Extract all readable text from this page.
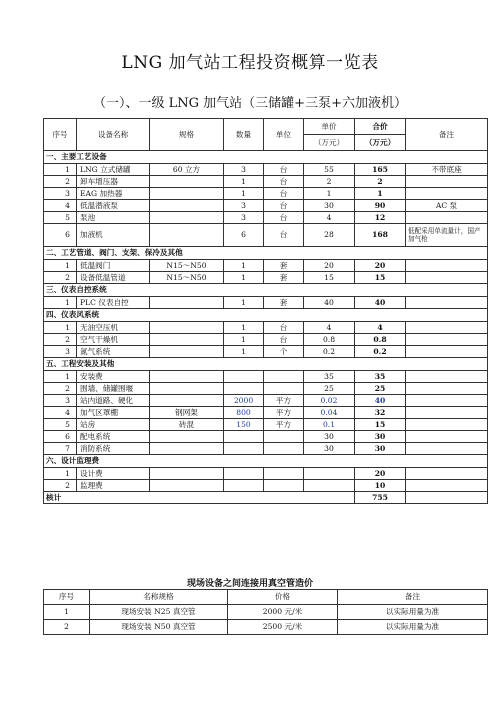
LNG 加气站工程投资概算一览表
（一）、一级 LNG 加气站（三储罐+三泵+六加液机）
序号	设备名称	规格	数量	单位	单价	合价	备注
					（万元）	（万元）	
一、主要工艺设备							
1	LNG 立式储罐	60 立方	3	台	55	165	不带底座
2	卸车增压器		1	台	2	2	
3	EAG 加热器		1	台	1	1	
4	低温潜液泵		3	台	30	90	AC 泵
5	泵池		3	台	4	12	
6	加液机		6	台	28	168	低配采用单流量计，国产加气枪
二、工艺管道、阀门、支架、保冷及其他							
1	低温阀门	N15～N50	1	套	20	20	
2	设备低温管道	N15～N50	1	套	15	15	
三、仪表自控系统							
1	PLC 仪表自控		1	套	40	40	
四、仪表风系统							
1	无油空压机		1	台	4	4	
2	空气干燥机		1	台	0.8	0.8	
3	氮气系统		1	个	0.2	0.2	
五、工程安装及其他							
1	安装费				35	35	
2	围墙、储罐围堰				25	25	
3	站内道路、硬化		2000	平方	0.02	40	
4	加气区罩棚	钢网架	800	平方	0.04	32	
5	站房	砖混	150	平方	0.1	15	
6	配电系统				30	30	
7	消防系统				30	30	
六、设计监理费							
1	设计费					20	
2	监理费					10	
核计						755	
现场设备之间连接用真空管造价
序号	名称规格	价格	备注
1	现场安装 N25 真空管	2000 元/米	以实际用量为准
2	现场安装 N50 真空管	2500 元/米	以实际用量为准
